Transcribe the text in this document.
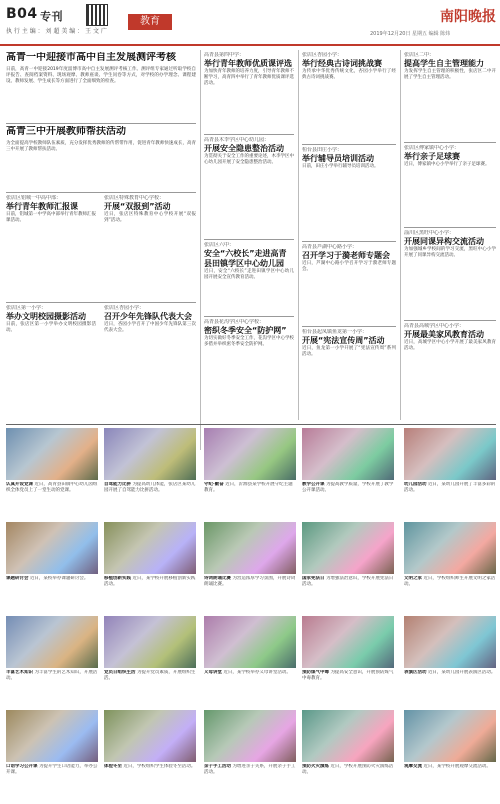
B04 专刊
执 行 主 编 ： 刘 超 美 编 ： 王 文 广
教育	南阳晚报
2019年12月20日 星期五 编辑 陈炜
高青一中迎接市高中自主发展测评考核
日前，高青一中迎接2019年度淄博市高中自主发展测评考核工作。测评组专家通过听取学校自评报告、查阅档案资料、现场观摩、教师座谈、学生问卷等方式，对学校的办学理念、课程建设、教师发展、学生成长等方面进行了全面细致的检查。
高青三中开展教师帮扶活动
为全面提高学校教师队伍素质，充分发挥优秀教师的传帮带作用，促进青年教师快速成长，高青三中开展了教师帮扶活动。
张店区铝城一中高中部：
举行青年教师汇报课
日前，铝城第一中学高中部举行青年教师汇报课活动。
张店区特殊教育中心学校：
开展“双报到”活动
近日，张店区特殊教育中心学校开展“双报到”活动。
张店区第一小学：
举办文明校园摄影活动
日前，张店区第一小学举办文明校园摄影活动。
张店区杏园小学：
召开少年先锋队代表大会
近日，杏园小学召开了中国少年先锋队第三次代表大会。
高青县第四中学：
举行青年教师优质课评选
为加快青年教师的培养力度，引导青年教师不断学习，高青四中举行了青年教师优质课评选活动。
高青县木李学区中心幼儿园：
开展安全隐患整治活动
为贯彻关于安全工作的重要论述，木李学区中心幼儿园开展了安全隐患整治活动。
张店区六中：
安全“六校长”走进高青县田镇学区中心幼儿园
近日，安全“六校长”走进田镇学区中心幼儿园开展安全宣传教育活动。
高青县花沟学区中心学校：
密织冬季安全“防护网”
为切实做好冬季安全工作，花沟学区中心学校多措并举织密冬季安全防护网。
张店区杏园小学：
举行经典古诗词挑战赛
为传承中华优秀传统文化，杏园小学举行了经典古诗词挑战赛。
桓台县田庄小学：
举行辅导员培训活动
日前，田庄小学举行辅导员培训活动。
高青县芦湖中心路小学：
召开学习于漪老师专题会
近日，芦湖中心路小学召开学习于漪老师专题会。
桓台县起凤镇鱼龙第一小学：
开展“宪法宣传周”活动
近日，鱼龙第一小学开展了“宪法宣传周”系列活动。
张店区二中：
提高学生自主管理能力
为发挥学生自主管理的积极性，张店区二中开展了学生自主管理活动。
张店区傅家镇中心小学：
举行亲子足球赛
近日，傅家镇中心小学举行了亲子足球赛。
淄川区黑旺中心小学：
开展同课异构交流活动
为加强城乡学校间的学习交流，黑旺中心小学开展了同课异构交流活动。
高青县高城学区中心小学：
开展最美家风教育活动
近日，高城学区中心小学开展了最美家风教育活动。
认真开设党课 近日，高青县田镇中心幼儿园组织全体党员上了一堂生动的党课。
自驾能力比拼 为提高幼儿体能，张店区某幼儿园开展了自驾能力比拼活动。
守纪·勤奋 近日，沂源县某学校开展守纪主题教育。
教学公开课 为提高教学质量，学校开展了教学公开课活动。
幼儿园活动 近日，某幼儿园开展了丰富多彩的活动。
课题研讨会 近日，某校举办课题研讨会。	移植创新实践 近日，某学校开展移植创新实践活动。
诗词朗诵比赛 为营造浓厚学习氛围，开展诗词朗诵比赛。
国家宪法日 为增强法治意识，学校开展宪法日活动。
文明之家 近日，学校组织师生开展文明之家活动。
丰富艺术知识 为丰富学生的艺术知识，开展活动。
党员日组织生活 为提升党员素质，开展组织生活。
义母讲堂 近日，某学校举办义母讲堂活动。	预防煤气中毒 为提高安全意识，开展预防煤气中毒教育。
表演区活动 近日，某幼儿园开展表演区活动。
口语学习公开课 为提升学生口语能力，举办公开课。
体验冬至 近日，学校组织学生体验冬至活动。 亲子手工活动 为增进亲子关系，开展亲子手工活动。
预防火灾演练 近日，学校开展预防火灾演练活动。
观摩交流 近日，某学校开展观摩交流活动。
